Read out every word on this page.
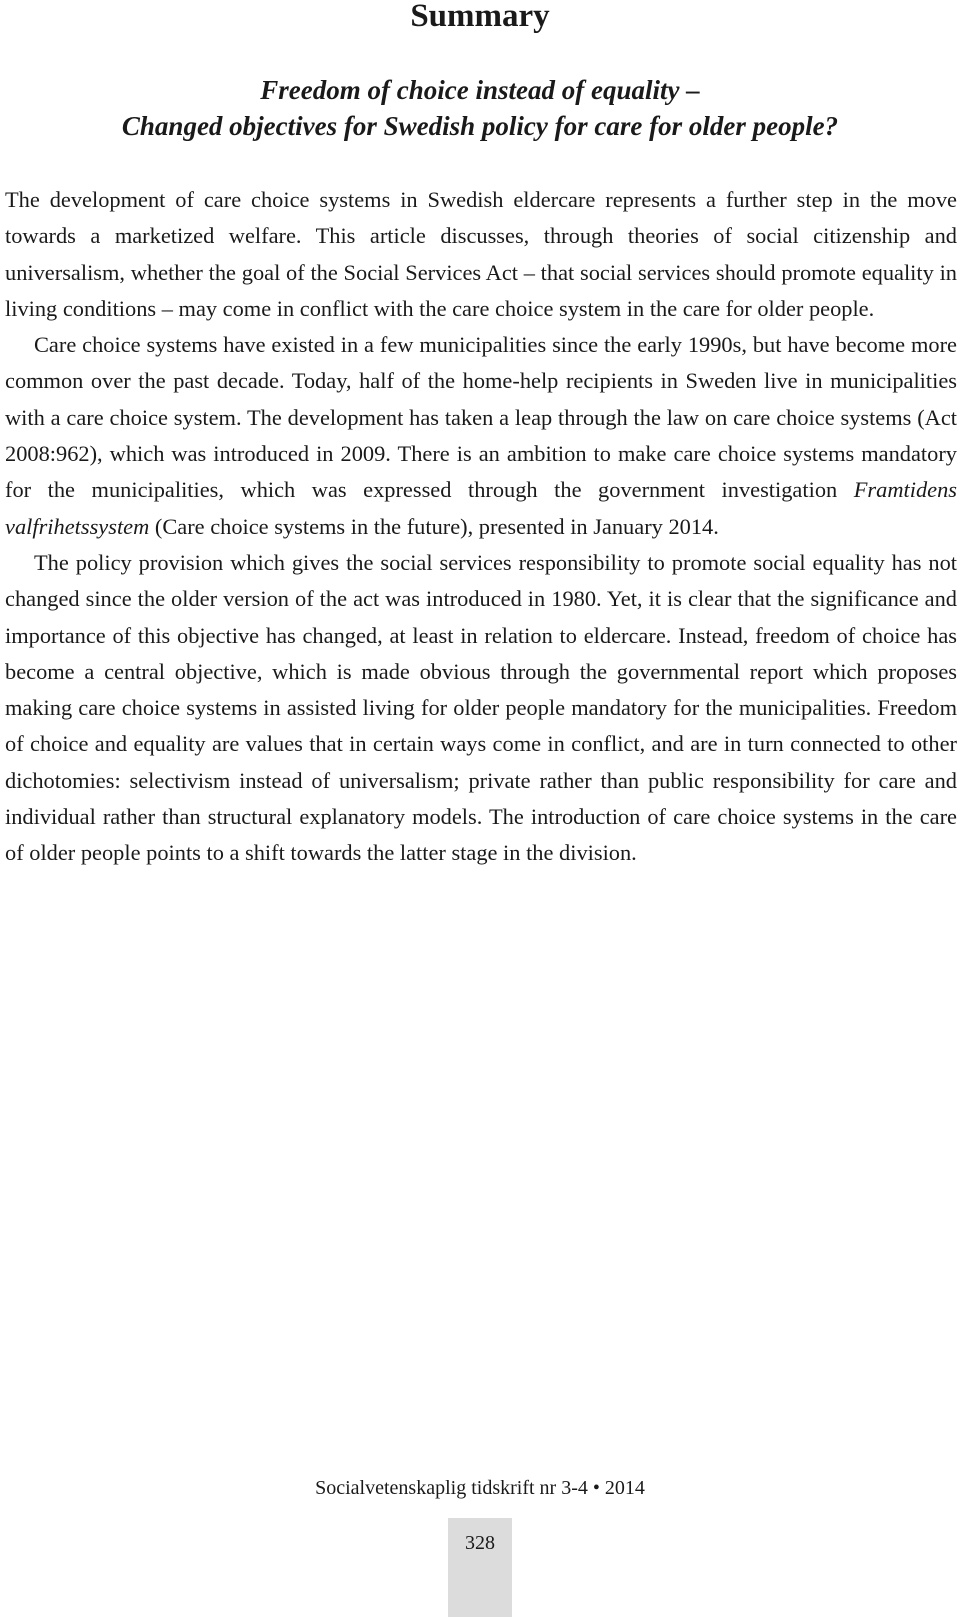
Summary
Freedom of choice instead of equality –
Changed objectives for Swedish policy for care for older people?

The development of care choice systems in Swedish eldercare represents a further step in the move towards a marketized welfare. This article discusses, through theories of social citizenship and universalism, whether the goal of the Social Services Act – that social services should promote equality in living conditions – may come in conflict with the care choice system in the care for older people.

Care choice systems have existed in a few municipalities since the early 1990s, but have become more common over the past decade. Today, half of the home-help recipients in Sweden live in municipalities with a care choice system. The development has taken a leap through the law on care choice systems (Act 2008:962), which was introduced in 2009. There is an ambition to make care choice systems mandatory for the municipalities, which was expressed through the government investigation Framtidens valfrihetssystem (Care choice systems in the future), presented in January 2014.

The policy provision which gives the social services responsibility to promote social equality has not changed since the older version of the act was introduced in 1980. Yet, it is clear that the significance and importance of this objective has changed, at least in relation to eldercare. Instead, freedom of choice has become a central objective, which is made obvious through the governmental report which proposes making care choice systems in assisted living for older people mandatory for the municipalities. Freedom of choice and equality are values that in certain ways come in conflict, and are in turn connected to other dichotomies: selectivism instead of universalism; private rather than public responsibility for care and individual rather than structural explanatory models. The introduction of care choice systems in the care of older people points to a shift towards the latter stage in the division.

Socialvetenskaplig tidskrift nr 3-4 • 2014
328
